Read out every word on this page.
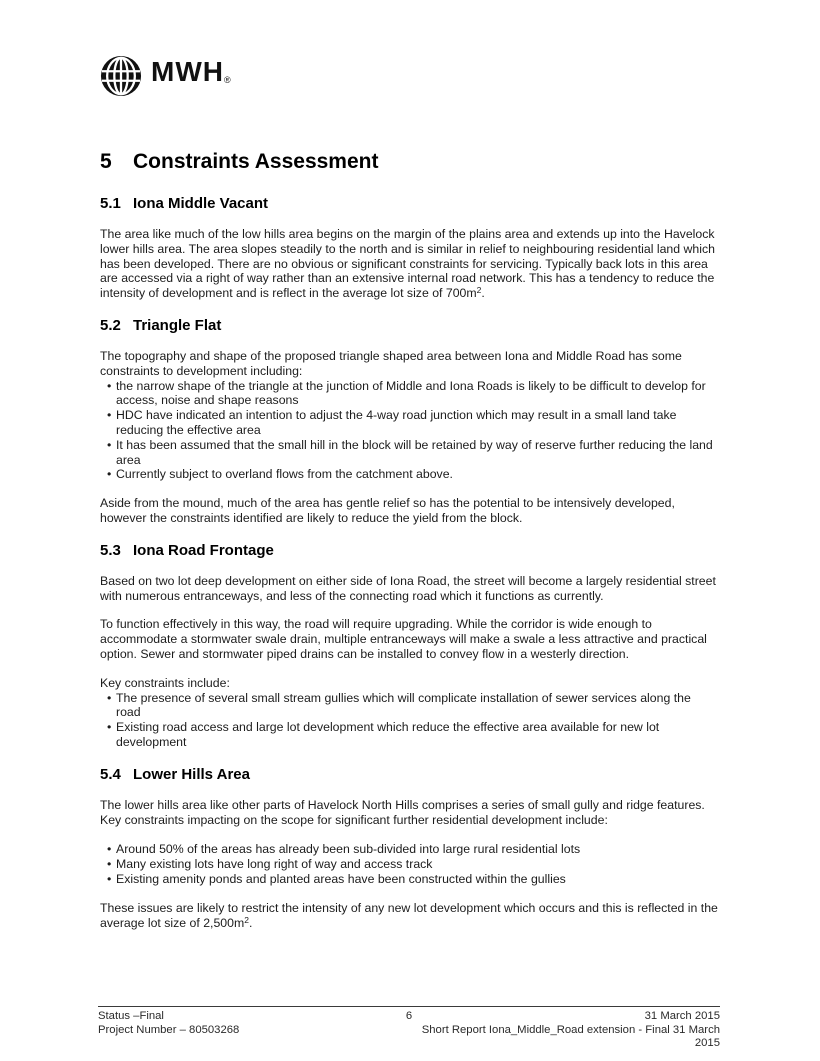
MWH®
5	Constraints Assessment
5.1 Iona Middle Vacant

The area like much of the low hills area begins on the margin of the plains area and extends up into the Havelock lower hills area. The area slopes steadily to the north and is similar in relief to neighbouring residential land which has been developed. There are no obvious or significant constraints for servicing. Typically back lots in this area are accessed via a right of way rather than an extensive internal road network. This has a tendency to reduce the intensity of development and is reflect in the average lot size of $700m^2$.

5.2 Triangle Flat

The topography and shape of the proposed triangle shaped area between Iona and Middle Road has some constraints to development including:

• the narrow shape of the triangle at the junction of Middle and Iona Roads is likely to be difficult to develop for access, noise and shape reasons
• HDC have indicated an intention to adjust the 4-way road junction which may result in a small land take reducing the effective area
• It has been assumed that the small hill in the block will be retained by way of reserve further reducing the land area
• Currently subject to overland flows from the catchment above.

Aside from the mound, much of the area has gentle relief so has the potential to be intensively developed, however the constraints identified are likely to reduce the yield from the block.

5.3 Iona Road Frontage

Based on two lot deep development on either side of Iona Road, the street will become a largely residential street with numerous entranceways, and less of the connecting road which it functions as currently.

To function effectively in this way, the road will require upgrading. While the corridor is wide enough to accommodate a stormwater swale drain, multiple entranceways will make a swale a less attractive and practical option. Sewer and stormwater piped drains can be installed to convey flow in a westerly direction.

Key constraints include:

• The presence of several small stream gullies which will complicate installation of sewer services along the road
• Existing road access and large lot development which reduce the effective area available for new lot development
5.4 Lower Hills Area

The lower hills area like other parts of Havelock North Hills comprises a series of small gully and ridge features. Key constraints impacting on the scope for significant further residential development include:

• Around 50% of the areas has already been sub-divided into large rural residential lots
• Many existing lots have long right of way and access track
• Existing amenity ponds and planted areas have been constructed within the gullies

These issues are likely to restrict the intensity of any new lot development which occurs and this is reflected in the average lot size of $2,500m^2$.

Status –Final
Project Number – 80503268
6	31 March 2015
Short Report Iona_Middle_Road extension - Final 31 March 2015
